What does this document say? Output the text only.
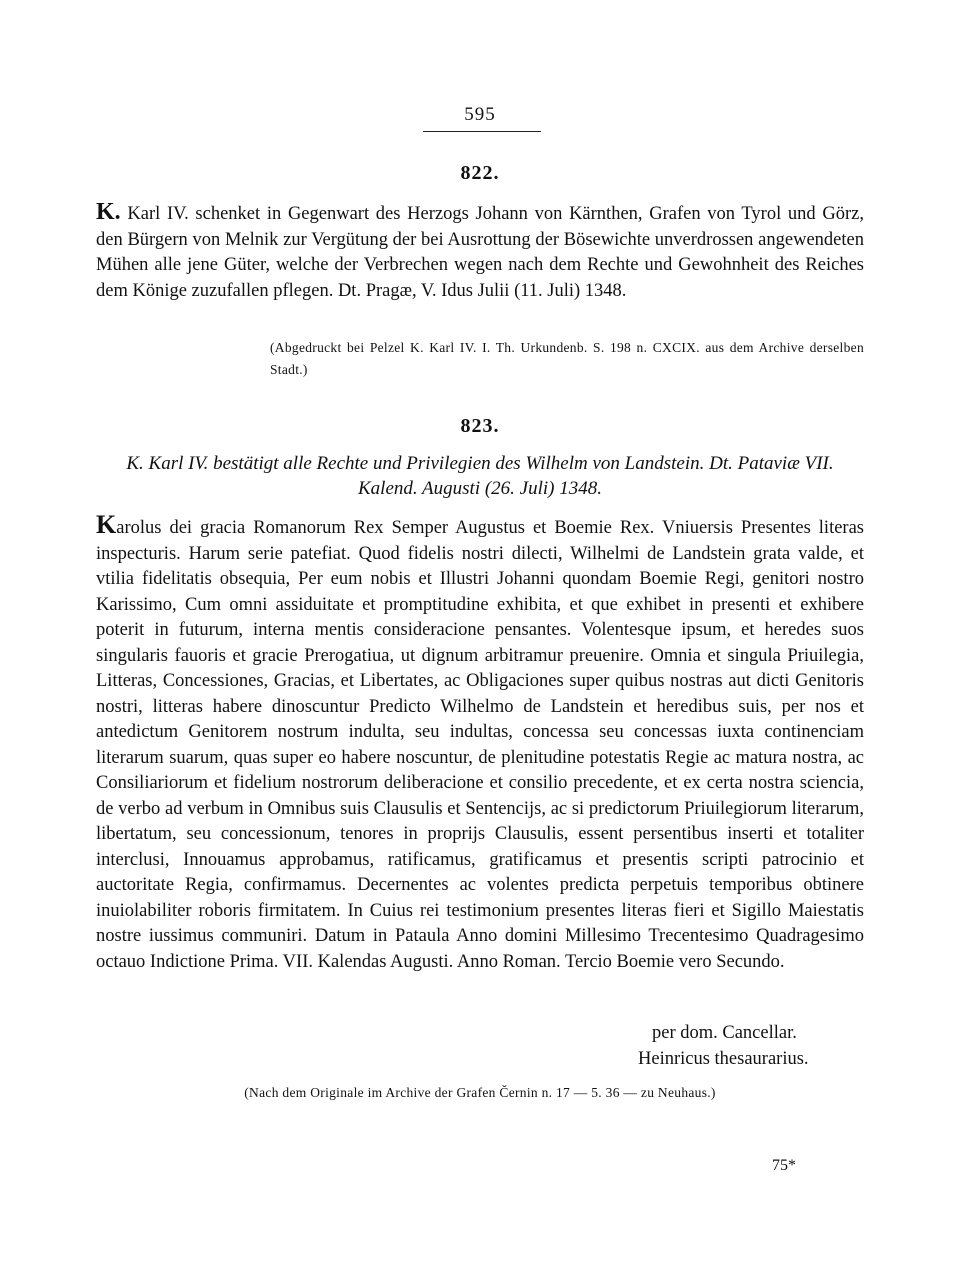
595
822.
K. Karl IV. schenket in Gegenwart des Herzogs Johann von Kärnthen, Grafen von Tyrol und Görz, den Bürgern von Melnik zur Vergütung der bei Ausrottung der Bösewichte unverdrossen angewendeten Mühen alle jene Güter, welche der Verbrechen wegen nach dem Rechte und Gewohnheit des Reiches dem Könige zuzufallen pflegen. Dt. Pragæ, V. Idus Julii (11. Juli) 1348.
(Abgedruckt bei Pelzel K. Karl IV. I. Th. Urkundenb. S. 198 n. CXCIX. aus dem Archive derselben Stadt.)
823.
K. Karl IV. bestätigt alle Rechte und Privilegien des Wilhelm von Landstein. Dt. Pataviæ VII. Kalend. Augusti (26. Juli) 1348.
Karolus dei gracia Romanorum Rex Semper Augustus et Boemie Rex. Vniuersis Presentes literas inspecturis. Harum serie patefiat. Quod fidelis nostri dilecti, Wilhelmi de Landstein grata valde, et vtilia fidelitatis obsequia, Per eum nobis et Illustri Johanni quondam Boemie Regi, genitori nostro Karissimo, Cum omni assiduitate et promptitudine exhibita, et que exhibet in presenti et exhibere poterit in futurum, interna mentis consideracione pensantes. Volentesque ipsum, et heredes suos singularis fauoris et gracie Prerogatiua, ut dignum arbitramur preuenire. Omnia et singula Priuilegia, Litteras, Concessiones, Gracias, et Libertates, ac Obligaciones super quibus nostras aut dicti Genitoris nostri, litteras habere dinoscuntur Predicto Wilhelmo de Landstein et heredibus suis, per nos et antedictum Genitorem nostrum indulta, seu indultas, concessa seu concessas iuxta continenciam literarum suarum, quas super eo habere noscuntur, de plenitudine potestatis Regie ac matura nostra, ac Consiliariorum et fidelium nostrorum deliberacione et consilio precedente, et ex certa nostra sciencia, de verbo ad verbum in Omnibus suis Clausulis et Sentencijs, ac si predictorum Priuilegiorum literarum, libertatum, seu concessionum, tenores in proprijs Clausulis, essent persentibus inserti et totaliter interclusi, Innouamus approbamus, ratificamus, gratificamus et presentis scripti patrocinio et auctoritate Regia, confirmamus. Decernentes ac volentes predicta perpetuis temporibus obtinere inuiolabiliter roboris firmitatem. In Cuius rei testimonium presentes literas fieri et Sigillo Maiestatis nostre iussimus communiri. Datum in Pataula Anno domini Millesimo Trecentesimo Quadragesimo octauo Indictione Prima. VII. Kalendas Augusti. Anno Roman. Tercio Boemie vero Secundo.
per dom. Cancellar.
Heinricus thesaurarius.
(Nach dem Originale im Archive der Grafen Černin n. 17 — 5. 36 — zu Neuhaus.)
75*
